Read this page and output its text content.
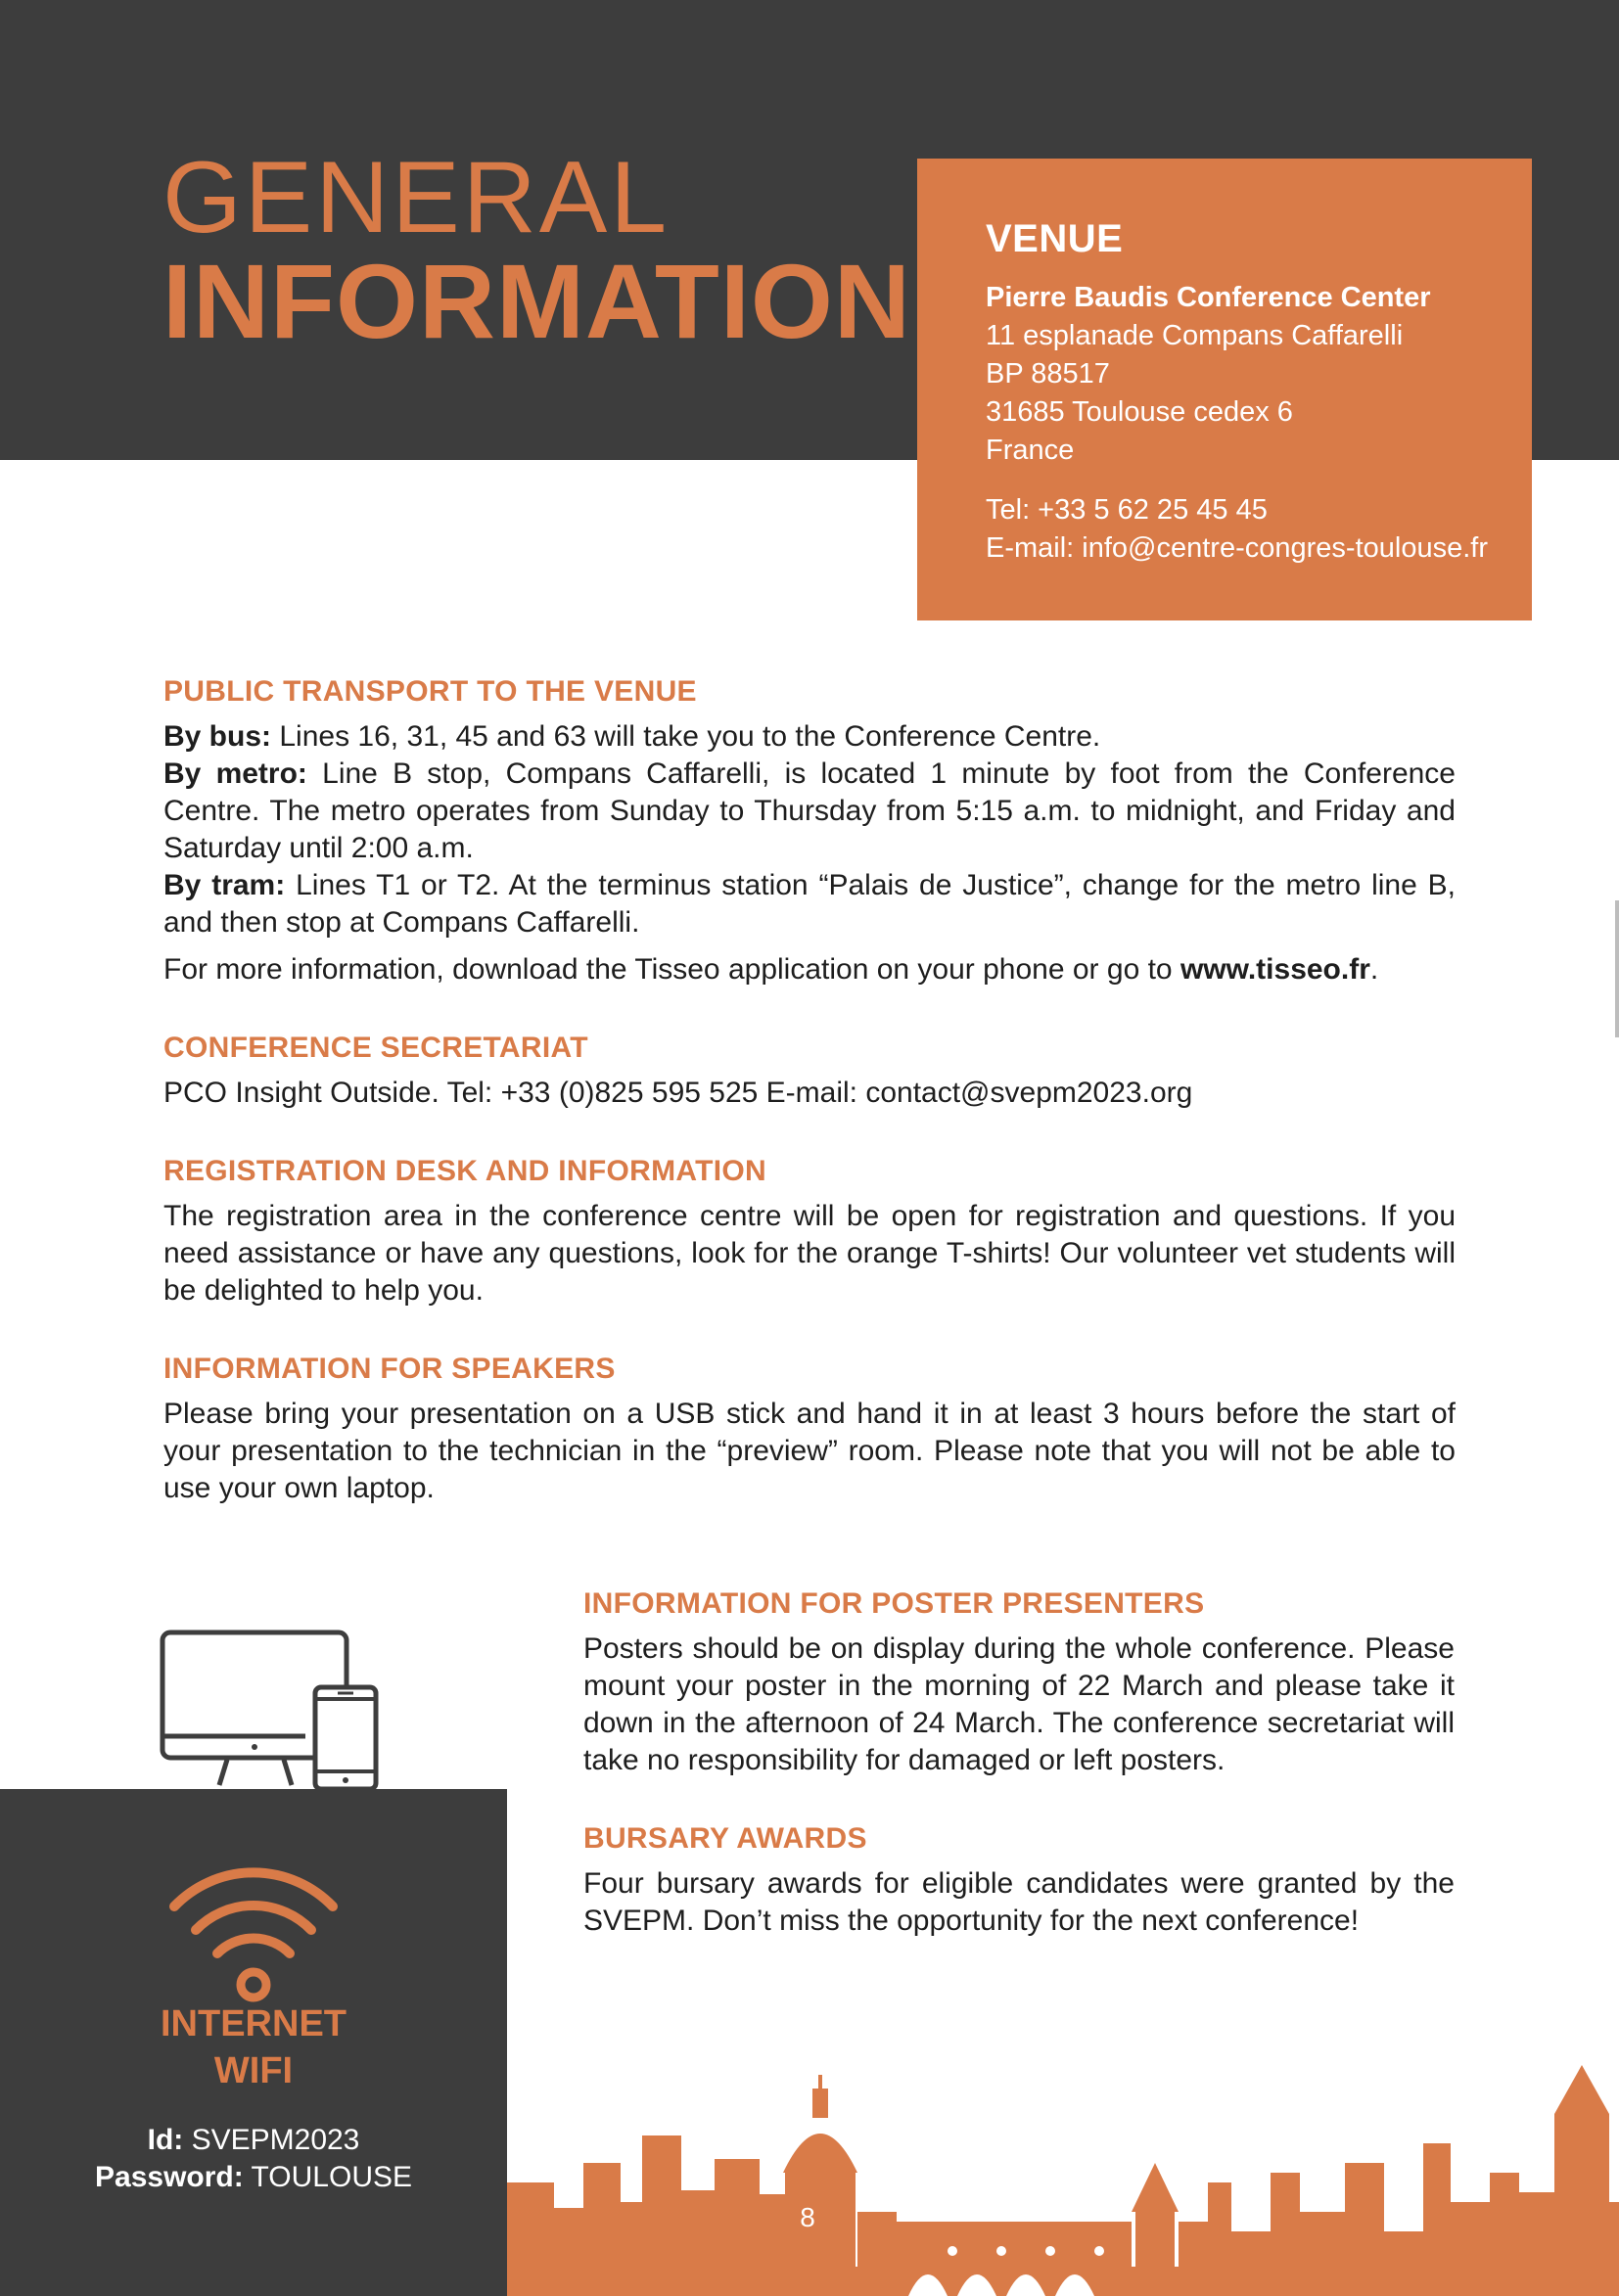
GENERAL
INFORMATION
VENUE
Pierre Baudis Conference Center
11 esplanade Compans Caffarelli
BP 88517
31685 Toulouse cedex 6
France
Tel: +33 5 62 25 45 45
E-mail: info@centre-congres-toulouse.fr
PUBLIC TRANSPORT TO THE VENUE

By bus: Lines 16, 31, 45 and 63 will take you to the Conference Centre.

By metro: Line B stop, Compans Caffarelli, is located 1 minute by foot from the Conference Centre. The metro operates from Sunday to Thursday from 5:15 a.m. to midnight, and Friday and Saturday until 2:00 a.m.

By tram: Lines T1 or T2. At the terminus station “Palais de Justice”, change for the metro line B, and then stop at Compans Caffarelli.

For more information, download the Tisseo application on your phone or go to www.tisseo.fr.

CONFERENCE SECRETARIAT

PCO Insight Outside. Tel: +33 (0)825 595 525 E-mail: contact@svepm2023.org

REGISTRATION DESK AND INFORMATION

The registration area in the conference centre will be open for registration and questions. If you need assistance or have any questions, look for the orange T-shirts! Our volunteer vet students will be delighted to help you.

INFORMATION FOR SPEAKERS

Please bring your presentation on a USB stick and hand it in at least 3 hours before the start of your presentation to the technician in the “preview” room. Please note that you will not be able to use your own laptop.

INFORMATION FOR POSTER PRESENTERS

Posters should be on display during the whole conference. Please mount your poster in the morning of 22 March and please take it down in the afternoon of 24 March. The conference secretariat will take no responsibility for damaged or left posters.

BURSARY AWARDS

Four bursary awards for eligible candidates were granted by the SVEPM. Don’t miss the opportunity for the next conference!

INTERNET
WIFI
Id: SVEPM2023
Password: TOULOUSE
8
